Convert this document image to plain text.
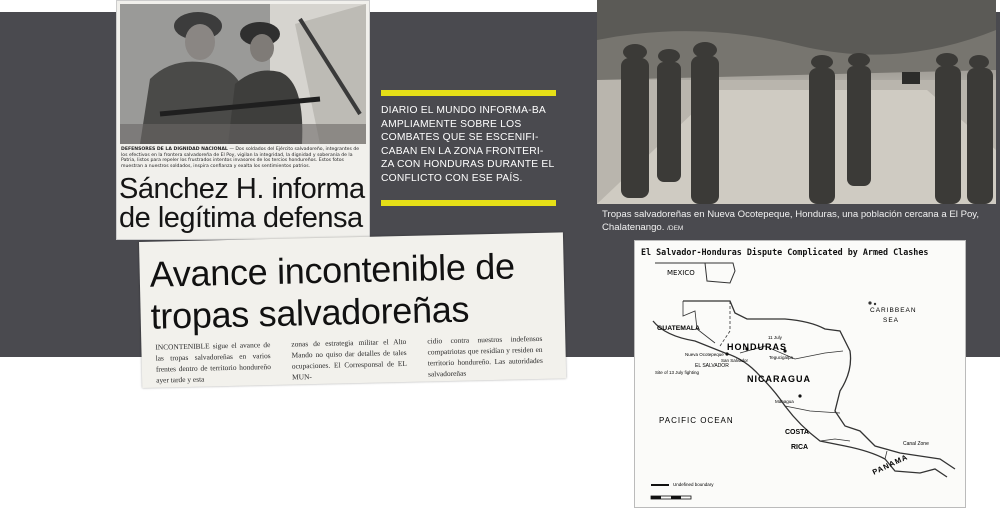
DEFENSORES DE LA DIGNIDAD NACIONAL — Dos soldados del Ejército salvadoreño, integrantes de los efectivos en la frontera salvadoreña de El Poy, vigilan la integridad, la dignidad y soberanía de la Patria, listos para repeler los frustrados intentos invasores de los tercios hondureños. Estos fotos muestran a nuestros soldados, inspira confianza y exalta los sentimientos patrios.
Sánchez H. informa
de legítima defensa
DIARIO EL MUNDO INFORMA-BA AMPLIAMENTE SOBRE LOS COMBATES QUE SE ESCENIFI-CABAN EN LA ZONA FRONTERI-ZA CON HONDURAS DURANTE EL CONFLICTO CON ESE PAÍS.
Tropas salvadoreñas en Nueva Ocotepeque, Honduras, una población cercana a El Poy, Chalatenango. /DEM
Avance incontenible de
tropas salvadoreñas
INCONTENIBLE sigue el avance de las tropas salvadoreñas en varios frentes dentro de territorio hondureño ayer tarde y esta
zonas de estrategia militar el Alto Mando no quiso dar detalles de tales ocupaciones. El Corresponsal de EL MUN-
cidio contra nuestros indefensos compatriotas que residían y residen en territorio hondureño. Las autoridades salvadoreñas
El Salvador-Honduras Dispute Complicated by Armed Clashes
MEXICO
CARIBBEAN
SEA
GUATEMALA
HONDURAS
EL SALVADOR
NICARAGUA
PACIFIC OCEAN
COSTA
RICA
PANAMA
Canal Zone
Site of 13 July fighting
11 July
Nueva Ocotepeque
Tegucigalpa
San Salvador
Managua
Undefined boundary
